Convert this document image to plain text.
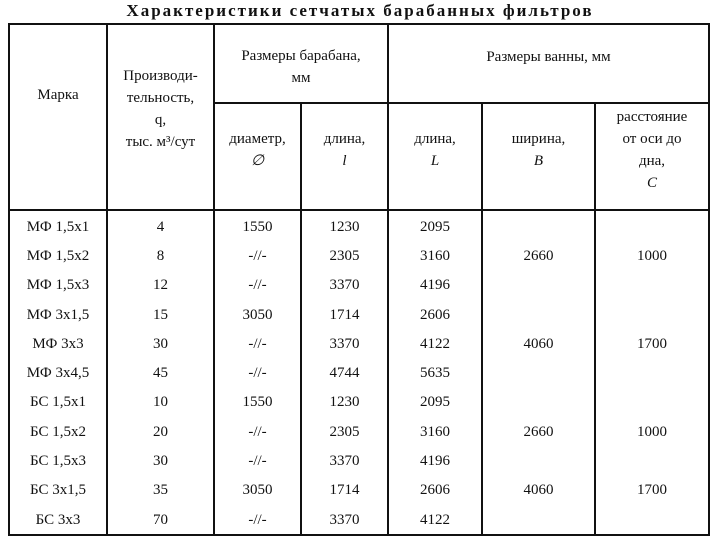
Характеристики сетчатых барабанных фильтров
Марка
Производи-
тельность,
q,
тыс. м³/сут
Размеры барабана,
мм
Размеры ванны, мм
диаметр,
∅
длина,
l
длина,
L
ширина,
B
расстояние
от оси до
дна,
C
МФ 1,5х1	4	1550	1230	2095
МФ 1,5х2	8	-//-	2305	3160	2660	1000
МФ 1,5х3	12	-//-	3370	4196
МФ 3х1,5	15	3050	1714	2606
МФ 3х3	30	-//-	3370	4122	4060	1700
МФ 3х4,5	45	-//-	4744	5635
БС 1,5х1	10	1550	1230	2095
БС 1,5х2	20	-//-	2305	3160	2660	1000
БС 1,5х3	30	-//-	3370	4196
БС 3х1,5	35	3050	1714	2606	4060	1700
БС 3х3	70	-//-	3370	4122
